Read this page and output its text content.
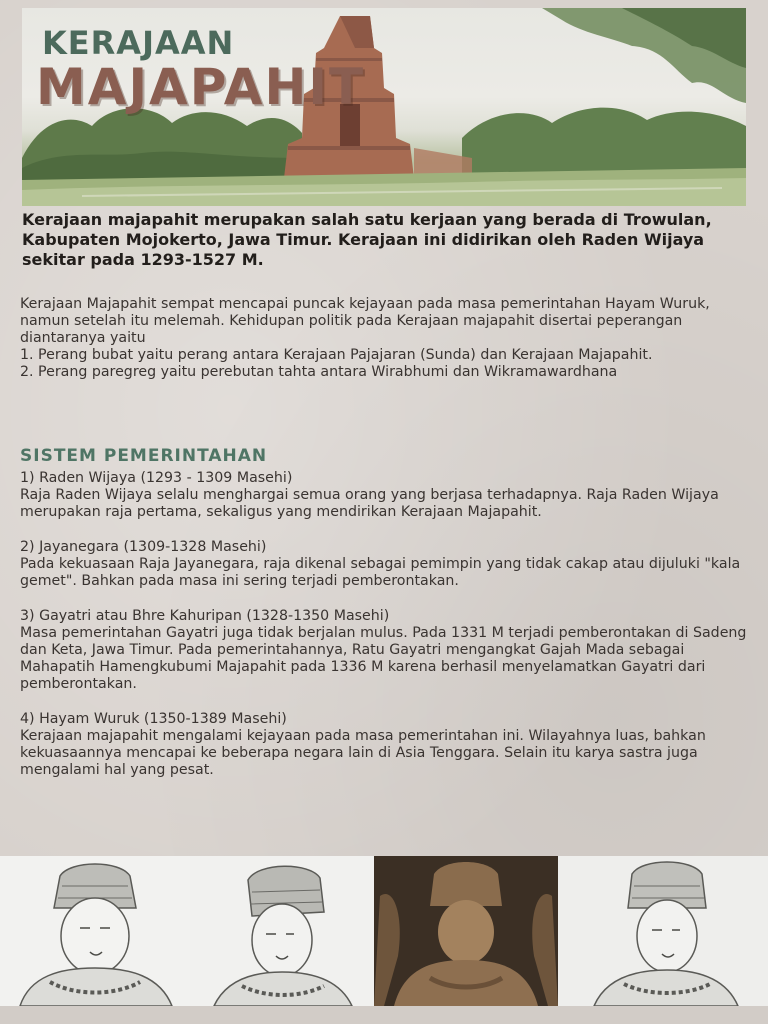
KERAJAAN

MAJAPAHIT

Kerajaan majapahit merupakan salah satu kerjaan yang berada di Trowulan, Kabupaten Mojokerto, Jawa Timur. Kerajaan ini didirikan oleh Raden Wijaya sekitar pada 1293-1527 M.

Kerajaan Majapahit sempat mencapai puncak kejayaan pada masa pemerintahan Hayam Wuruk, namun setelah itu melemah. Kehidupan politik pada Kerajaan majapahit disertai peperangan diantaranya yaitu
1. Perang bubat yaitu perang antara Kerajaan Pajajaran (Sunda) dan Kerajaan Majapahit.
2. Perang paregreg yaitu perebutan tahta antara Wirabhumi dan Wikramawardhana

SISTEM PEMERINTAHAN

1) Raden Wijaya (1293 - 1309 Masehi)

Raja Raden Wijaya selalu menghargai semua orang yang berjasa terhadapnya. Raja Raden Wijaya merupakan raja pertama, sekaligus yang mendirikan Kerajaan Majapahit.

2) Jayanegara (1309-1328 Masehi)

Pada kekuasaan Raja Jayanegara, raja dikenal sebagai pemimpin yang tidak cakap atau dijuluki "kala gemet". Bahkan pada masa ini sering terjadi pemberontakan.

3) Gayatri atau Bhre Kahuripan (1328-1350 Masehi)

Masa pemerintahan Gayatri juga tidak berjalan mulus. Pada 1331 M terjadi pemberontakan di Sadeng dan Keta, Jawa Timur. Pada pemerintahannya, Ratu Gayatri mengangkat Gajah Mada sebagai Mahapatih Hamengkubumi Majapahit pada 1336 M karena berhasil menyelamatkan Gayatri dari pemberontakan.

4) Hayam Wuruk (1350-1389 Masehi)

Kerajaan majapahit mengalami kejayaan pada masa pemerintahan ini. Wilayahnya luas, bahkan kekuasaannya mencapai ke beberapa negara lain di Asia Tenggara. Selain itu karya sastra juga mengalami hal yang pesat.
